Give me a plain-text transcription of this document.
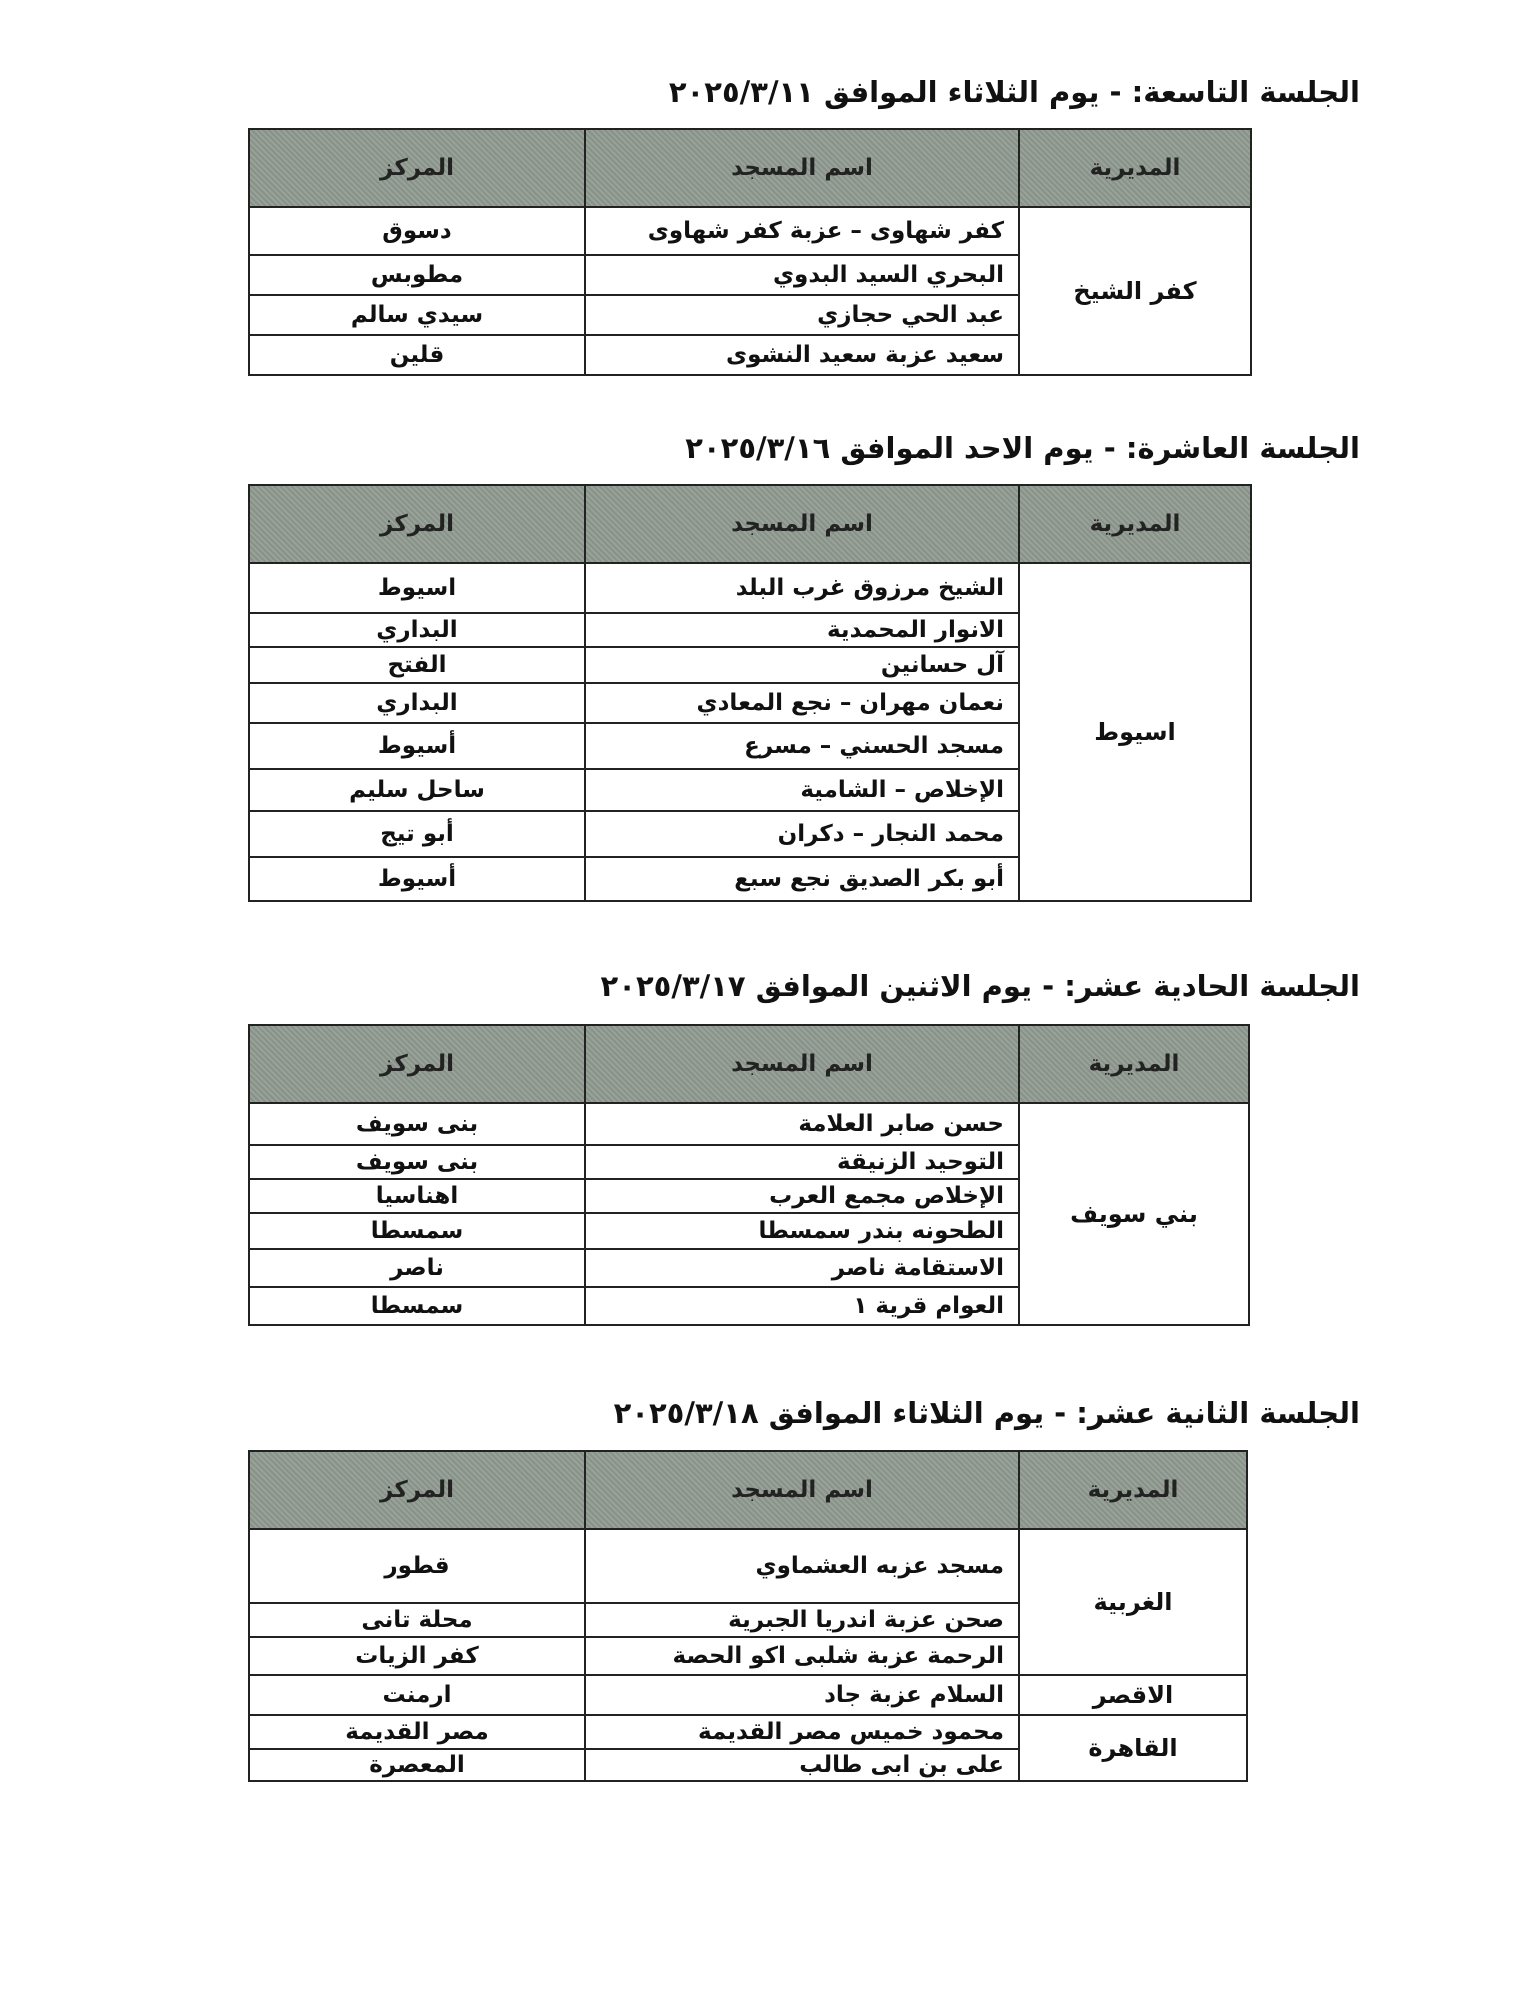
الجلسة التاسعة: - يوم الثلاثاء الموافق ٢٠٢٥/٣/١١
المديرية	اسم المسجد	المركز
كفر الشيخ	كفر شهاوى – عزبة كفر شهاوى	دسوق
	البحري السيد البدوي	مطوبس
	عبد الحي حجازي	سيدي سالم
	سعيد عزبة سعيد النشوى	قلين
الجلسة العاشرة: - يوم الاحد الموافق ٢٠٢٥/٣/١٦
المديرية	اسم المسجد	المركز
اسيوط	الشيخ مرزوق غرب البلد	اسيوط
	الانوار المحمدية	البداري
	آل حسانين	الفتح
	نعمان مهران – نجع المعادي	البداري
	مسجد الحسني – مسرع	أسيوط
	الإخلاص – الشامية	ساحل سليم
	محمد النجار – دكران	أبو تيج
	أبو بكر الصديق نجع سبع	أسيوط
الجلسة الحادية عشر: - يوم الاثنين الموافق ٢٠٢٥/٣/١٧
المديرية	اسم المسجد	المركز
بني سويف	حسن صابر العلامة	بنى سويف
	التوحيد الزنيقة	بنى سويف
	الإخلاص مجمع العرب	اهناسيا
	الطحونه بندر سمسطا	سمسطا
	الاستقامة ناصر	ناصر
	العوام قرية ١	سمسطا
الجلسة الثانية عشر: - يوم الثلاثاء الموافق ٢٠٢٥/٣/١٨
المديرية	اسم المسجد	المركز
الغربية	مسجد عزبه العشماوي	قطور
	صحن عزبة اندريا الجبرية	محلة تانى
	الرحمة عزبة شلبى اكو الحصة	كفر الزيات
الاقصر	السلام عزبة جاد	ارمنت
القاهرة	محمود خميس مصر القديمة	مصر القديمة
	على بن ابى طالب	المعصرة
